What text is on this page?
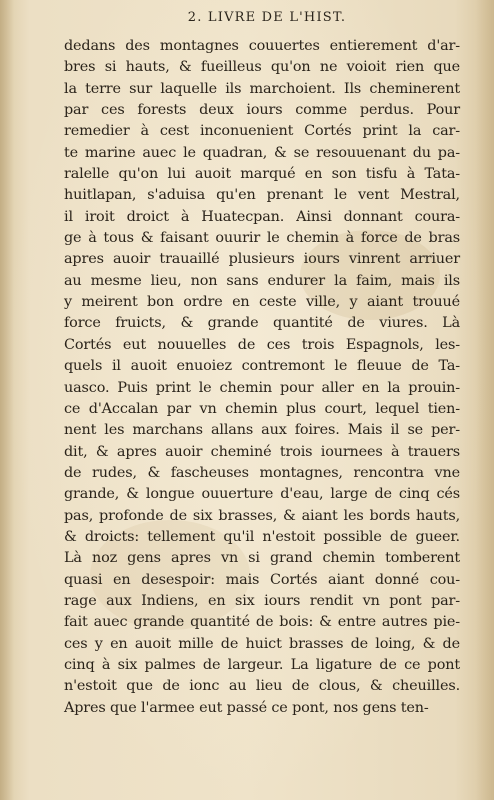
2. LIVRE DE L'HIST.
dedans des montagnes couuertes entierement d'ar-
bres si hauts, & fueilleus qu'on ne voioit rien que
la terre sur laquelle ils marchoient. Ils cheminerent
par ces forests deux iours comme perdus. Pour
remedier à cest inconuenient Cortés print la car-
te marine auec le quadran, & se resouuenant du pa-
ralelle qu'on lui auoit marqué en son tisfu à Tata-
huitlapan, s'aduisa qu'en prenant le vent Mestral,
il iroit droict à Huatecpan. Ainsi donnant coura-
ge à tous & faisant ouurir le chemin à force de bras
apres auoir trauaillé plusieurs iours vinrent arriuer
au mesme lieu, non sans endurer la faim, mais ils
y meirent bon ordre en ceste ville, y aiant trouué
force fruicts, & grande quantité de viures. Là
Cortés eut nouuelles de ces trois Espagnols, les-
quels il auoit enuoiez contremont le fleuue de Ta-
uasco. Puis print le chemin pour aller en la prouin-
ce d'Accalan par vn chemin plus court, lequel tien-
nent les marchans allans aux foires. Mais il se per-
dit, & apres auoir cheminé trois iournees à trauers
de rudes, & fascheuses montagnes, rencontra vne
grande, & longue ouuerture d'eau, large de cinq cés
pas, profonde de six brasses, & aiant les bords hauts,
& droicts: tellement qu'il n'estoit possible de gueer.
Là noz gens apres vn si grand chemin tomberent
quasi en desespoir: mais Cortés aiant donné cou-
rage aux Indiens, en six iours rendit vn pont par-
fait auec grande quantité de bois: & entre autres pie-
ces y en auoit mille de huict brasses de loing, & de
cinq à six palmes de largeur. La ligature de ce pont
n'estoit que de ionc au lieu de clous, & cheuilles.
Apres que l'armee eut passé ce pont, nos gens ten-
